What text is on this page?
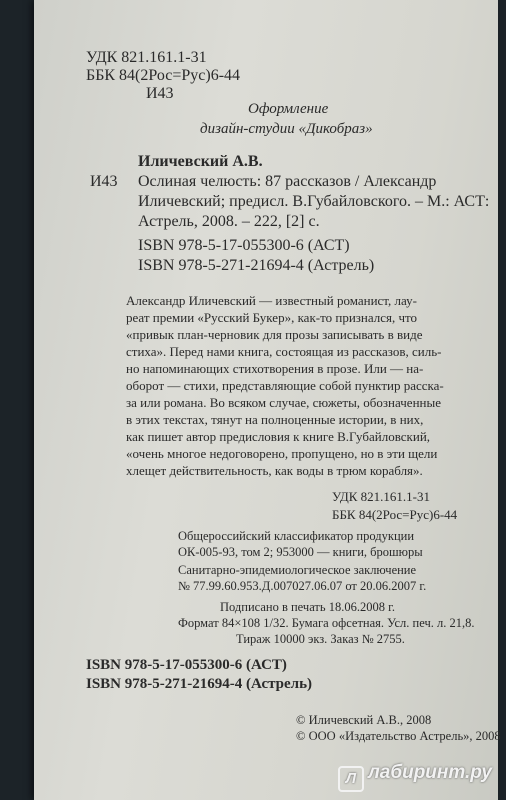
УДК 821.161.1-31
ББК 84(2Рос=Рус)6-44
И43
Оформление
дизайн-студии «Дикобраз»
Иличевский А.В.
И43 Ослиная челюсть: 87 рассказов / Александр
Иличевский; предисл. В.Губайловского. – М.: АСТ:
Астрель, 2008. – 222, [2] с.
ISBN 978-5-17-055300-6 (АСТ)
ISBN 978-5-271-21694-4 (Астрель)
Александр Иличевский — известный романист, лау-
реат премии «Русский Букер», как-то признался, что
«привык план-черновик для прозы записывать в виде
стиха». Перед нами книга, состоящая из рассказов, силь-
но напоминающих стихотворения в прозе. Или — на-
оборот — стихи, представляющие собой пунктир расска-
за или романа. Во всяком случае, сюжеты, обозначенные
в этих текстах, тянут на полноценные истории, в них,
как пишет автор предисловия к книге В.Губайловский,
«очень многое недоговорено, пропущено, но в эти щели
хлещет действительность, как воды в трюм корабля».
УДК 821.161.1-31
ББК 84(2Рос=Рус)6-44
Общероссийский классификатор продукции
ОК-005-93, том 2; 953000 — книги, брошюры
Санитарно-эпидемиологическое заключение
№ 77.99.60.953.Д.007027.06.07 от 20.06.2007 г.
Подписано в печать 18.06.2008 г.
Формат 84×108 1/32. Бумага офсетная. Усл. печ. л. 21,8.
Тираж 10000 экз. Заказ № 2755.
ISBN 978-5-17-055300-6 (АСТ)
ISBN 978-5-271-21694-4 (Астрель)
© Иличевский А.В., 2008
© ООО «Издательство Астрель», 2008
Л лабиринт.ру
